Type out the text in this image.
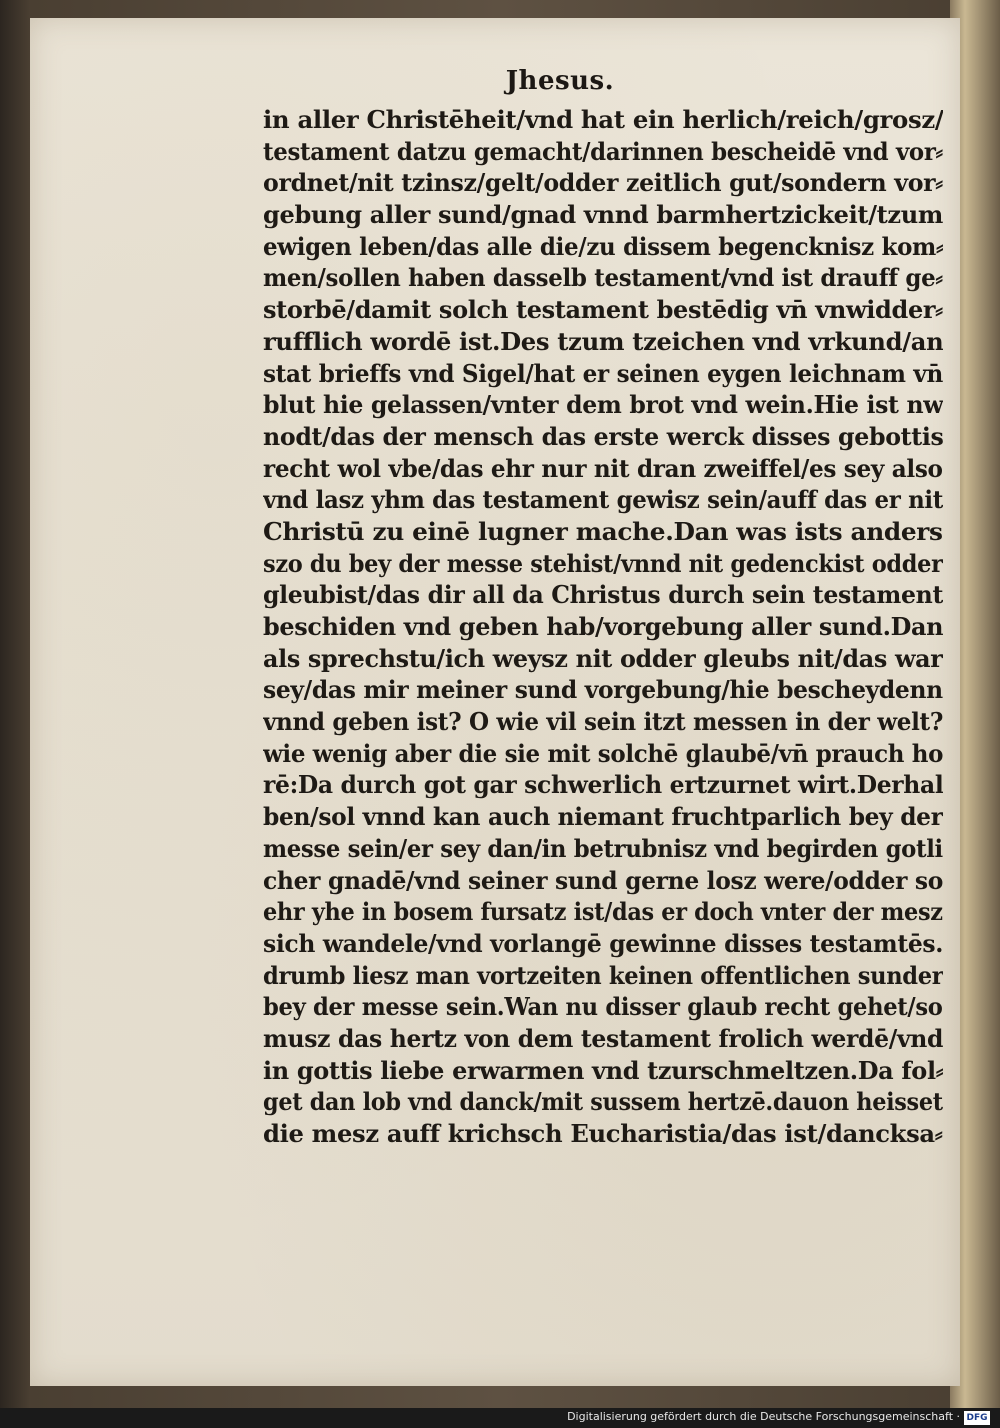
Jhesus.
in aller Christēheit/vnd hat ein herlich/reich/grosz/
testament datzu gemacht/darinnen bescheidē vnd vor⸗
ordnet/nit tzinsz/gelt/odder zeitlich gut/sondern vor⸗
gebung aller sund/gnad vnnd barmhertzickeit/tzum
ewigen leben/das alle die/zu dissem begencknisz kom⸗
men/sollen haben dasselb testament/vnd ist drauff ge⸗
storbē/damit solch testament bestēdig vn̄ vnwidder⸗
rufflich wordē ist.Des tzum tzeichen vnd vrkund/an
stat brieffs vnd Sigel/hat er seinen eygen leichnam vn̄
blut hie gelassen/vnter dem brot vnd wein.Hie ist nw
nodt/das der mensch das erste werck disses gebottis
recht wol vbe/das ehr nur nit dran zweiffel/es sey also
vnd lasz yhm das testament gewisz sein/auff das er nit
Christū zu einē lugner mache.Dan was ists anders
szo du bey der messe stehist/vnnd nit gedenckist odder
gleubist/das dir all da Christus durch sein testament
beschiden vnd geben hab/vorgebung aller sund.Dan
als sprechstu/ich weysz nit odder gleubs nit/das war
sey/das mir meiner sund vorgebung/hie bescheydenn
vnnd geben ist? O wie vil sein itzt messen in der welt?
wie wenig aber die sie mit solchē glaubē/vn̄ prauch ho
rē:Da durch got gar schwerlich ertzurnet wirt.Derhal
ben/sol vnnd kan auch niemant fruchtparlich bey der
messe sein/er sey dan/in betrubnisz vnd begirden gotli
cher gnadē/vnd seiner sund gerne losz were/odder so
ehr yhe in bosem fursatz ist/das er doch vnter der mesz
sich wandele/vnd vorlangē gewinne disses testamtēs.
drumb liesz man vortzeiten keinen offentlichen sunder
bey der messe sein.Wan nu disser glaub recht gehet/so
musz das hertz von dem testament frolich werdē/vnd
in gottis liebe erwarmen vnd tzurschmeltzen.Da fol⸗
get dan lob vnd danck/mit sussem hertzē.dauon heisset
die mesz auff krichsch Eucharistia/das ist/dancksa⸗
Digitalisierung gefördert durch die Deutsche Forschungsgemeinschaft · DFG
